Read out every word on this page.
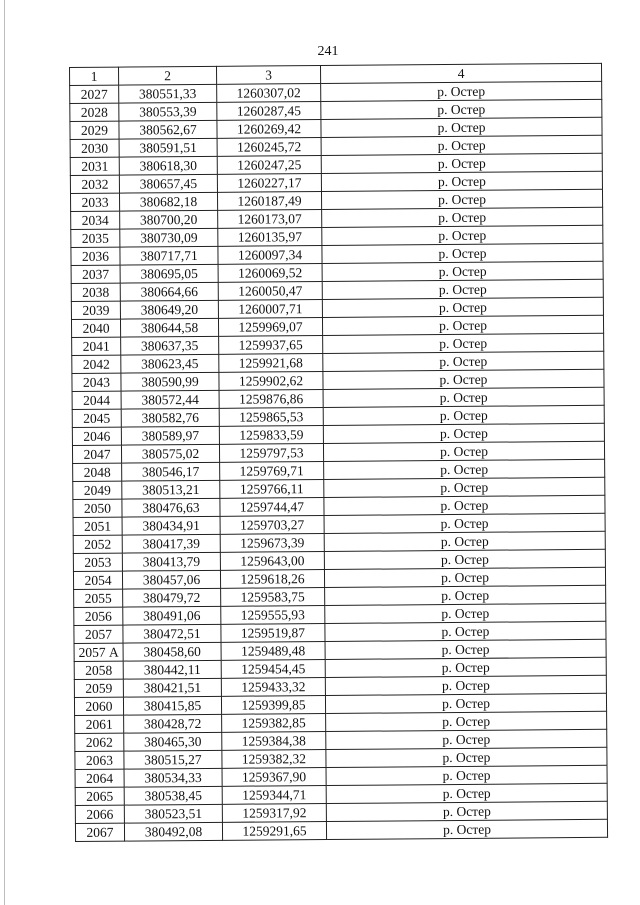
241
1	2	3	4
2027	380551,33	1260307,02	р. Остер
2028	380553,39	1260287,45	р. Остер
2029	380562,67	1260269,42	р. Остер
2030	380591,51	1260245,72	р. Остер
2031	380618,30	1260247,25	р. Остер
2032	380657,45	1260227,17	р. Остер
2033	380682,18	1260187,49	р. Остер
2034	380700,20	1260173,07	р. Остер
2035	380730,09	1260135,97	р. Остер
2036	380717,71	1260097,34	р. Остер
2037	380695,05	1260069,52	р. Остер
2038	380664,66	1260050,47	р. Остер
2039	380649,20	1260007,71	р. Остер
2040	380644,58	1259969,07	р. Остер
2041	380637,35	1259937,65	р. Остер
2042	380623,45	1259921,68	р. Остер
2043	380590,99	1259902,62	р. Остер
2044	380572,44	1259876,86	р. Остер
2045	380582,76	1259865,53	р. Остер
2046	380589,97	1259833,59	р. Остер
2047	380575,02	1259797,53	р. Остер
2048	380546,17	1259769,71	р. Остер
2049	380513,21	1259766,11	р. Остер
2050	380476,63	1259744,47	р. Остер
2051	380434,91	1259703,27	р. Остер
2052	380417,39	1259673,39	р. Остер
2053	380413,79	1259643,00	р. Остер
2054	380457,06	1259618,26	р. Остер
2055	380479,72	1259583,75	р. Остер
2056	380491,06	1259555,93	р. Остер
2057	380472,51	1259519,87	р. Остер
2057 А	380458,60	1259489,48	р. Остер
2058	380442,11	1259454,45	р. Остер
2059	380421,51	1259433,32	р. Остер
2060	380415,85	1259399,85	р. Остер
2061	380428,72	1259382,85	р. Остер
2062	380465,30	1259384,38	р. Остер
2063	380515,27	1259382,32	р. Остер
2064	380534,33	1259367,90	р. Остер
2065	380538,45	1259344,71	р. Остер
2066	380523,51	1259317,92	р. Остер
2067	380492,08	1259291,65	р. Остер
